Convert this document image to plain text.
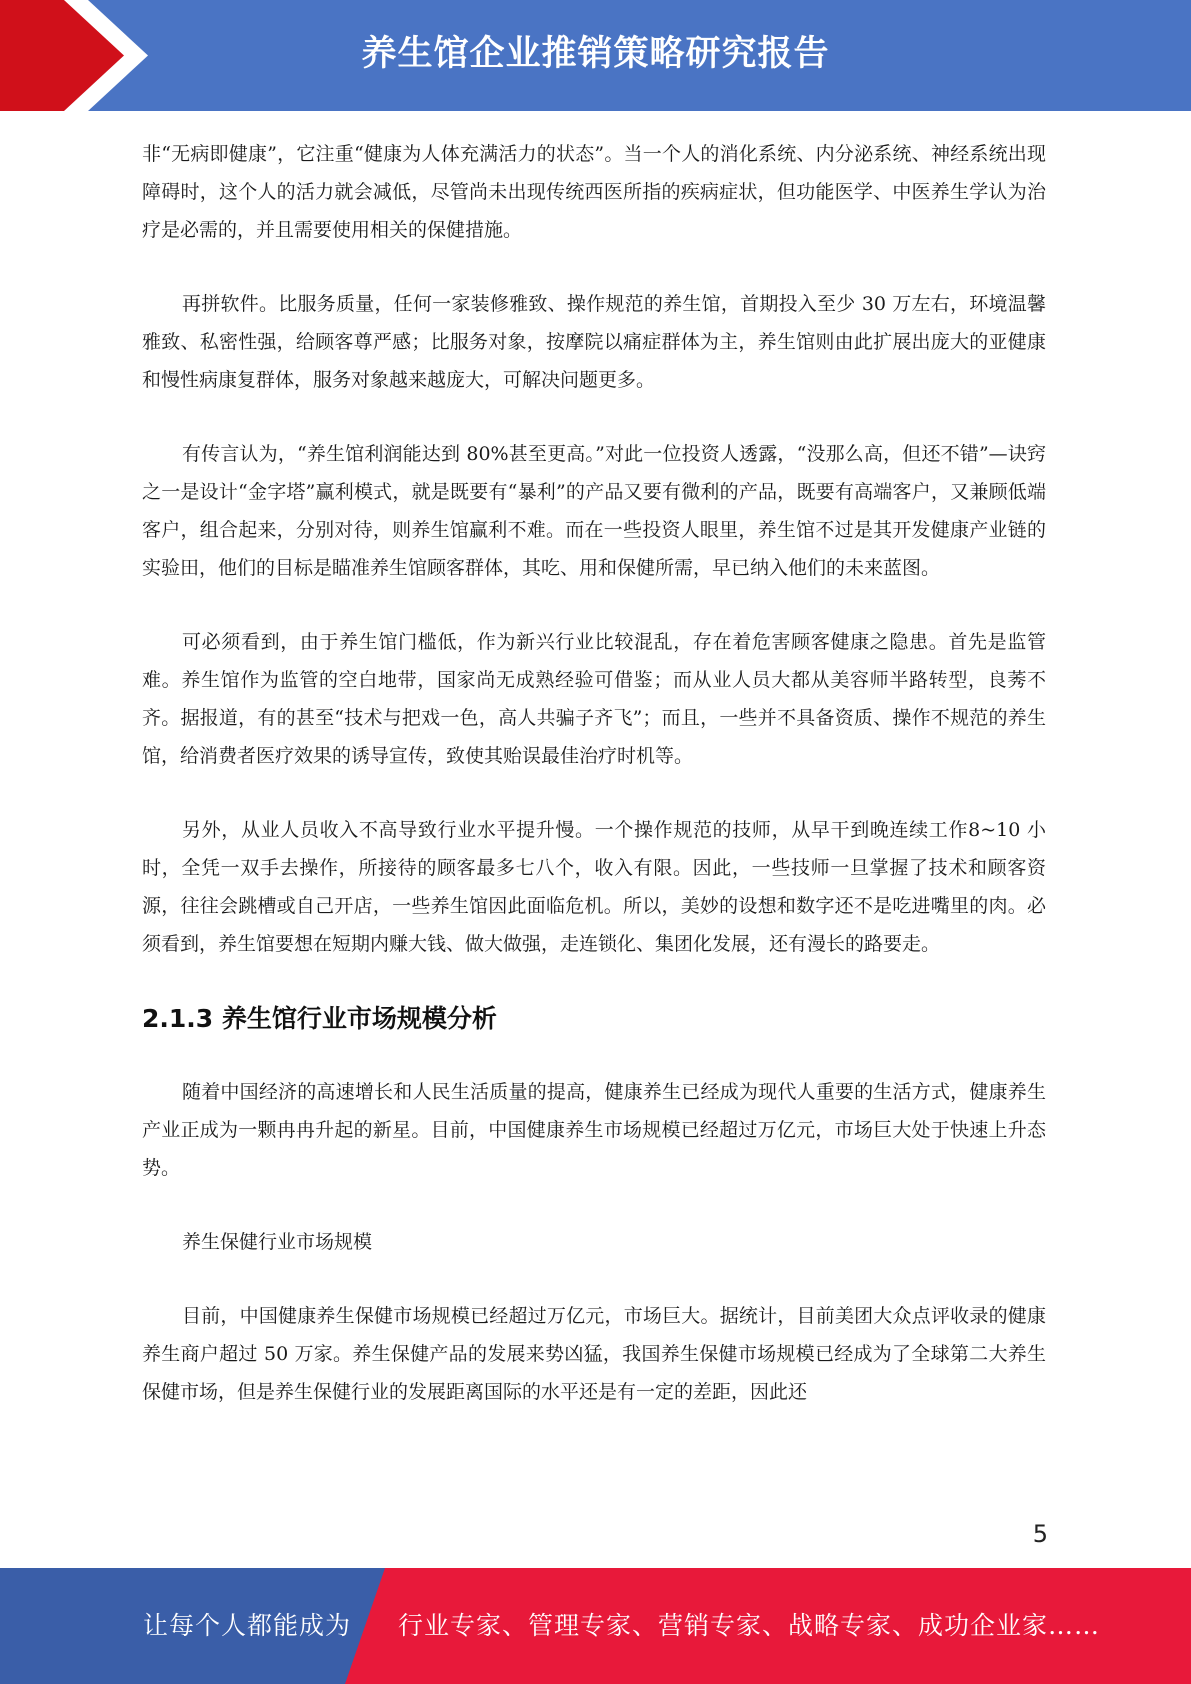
养生馆企业推销策略研究报告

非“无病即健康”，它注重“健康为人体充满活力的状态”。当一个人的消化系统、内分泌系统、神经系统出现障碍时，这个人的活力就会减低，尽管尚未出现传统西医所指的疾病症状，但功能医学、中医养生学认为治疗是必需的，并且需要使用相关的保健措施。

再拼软件。比服务质量，任何一家装修雅致、操作规范的养生馆，首期投入至少 30 万左右，环境温馨雅致、私密性强，给顾客尊严感；比服务对象，按摩院以痛症群体为主，养生馆则由此扩展出庞大的亚健康和慢性病康复群体，服务对象越来越庞大，可解决问题更多。

有传言认为，“养生馆利润能达到 80%甚至更高。”对此一位投资人透露，“没那么高，但还不错”—诀窍之一是设计“金字塔”赢利模式，就是既要有“暴利”的产品又要有微利的产品，既要有高端客户，又兼顾低端客户，组合起来，分别对待，则养生馆赢利不难。而在一些投资人眼里，养生馆不过是其开发健康产业链的实验田，他们的目标是瞄准养生馆顾客群体，其吃、用和保健所需，早已纳入他们的未来蓝图。

可必须看到，由于养生馆门槛低，作为新兴行业比较混乱，存在着危害顾客健康之隐患。首先是监管难。养生馆作为监管的空白地带，国家尚无成熟经验可借鉴；而从业人员大都从美容师半路转型，良莠不齐。据报道，有的甚至“技术与把戏一色，高人共骗子齐飞”；而且，一些并不具备资质、操作不规范的养生馆，给消费者医疗效果的诱导宣传，致使其贻误最佳治疗时机等。

另外，从业人员收入不高导致行业水平提升慢。一个操作规范的技师，从早干到晚连续工作8~10 小时，全凭一双手去操作，所接待的顾客最多七八个，收入有限。因此，一些技师一旦掌握了技术和顾客资源，往往会跳槽或自己开店，一些养生馆因此面临危机。所以，美妙的设想和数字还不是吃进嘴里的肉。必须看到，养生馆要想在短期内赚大钱、做大做强，走连锁化、集团化发展，还有漫长的路要走。

2.1.3 养生馆行业市场规模分析

随着中国经济的高速增长和人民生活质量的提高，健康养生已经成为现代人重要的生活方式，健康养生产业正成为一颗冉冉升起的新星。目前，中国健康养生市场规模已经超过万亿元，市场巨大处于快速上升态势。

养生保健行业市场规模

目前，中国健康养生保健市场规模已经超过万亿元，市场巨大。据统计，目前美团大众点评收录的健康养生商户超过 50 万家。养生保健产品的发展来势凶猛，我国养生保健市场规模已经成为了全球第二大养生保健市场，但是养生保健行业的发展距离国际的水平还是有一定的差距，因此还

5
让每个人都能成为 行业专家、管理专家、营销专家、战略专家、成功企业家……
